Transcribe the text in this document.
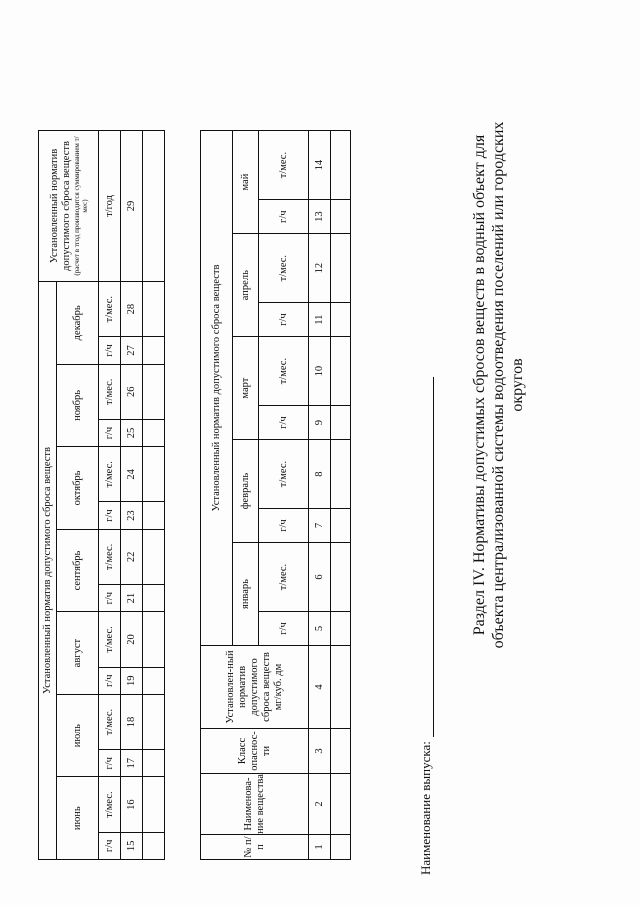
Раздел IV. Нормативы допустимых сбросов веществ в водный объект для объекта централизованной системы водоотведения поселений или городских округов
Наименование выпуска:
№ п/п	Наименова-ние вещества	Класс опаснос-ти	Установлен-ный норматив допустимого сброса веществ мг/куб. дм	Установленный норматив допустимого сброса веществ									
				январь		февраль		март		апрель		май	
				г/ч	т/мес.	г/ч	т/мес.	г/ч	т/мес.	г/ч	т/мес.	г/ч	т/мес.
1	2	3	4	5	6	7	8	9	10	11	12	13	14

Установленный норматив допустимого сброса веществ														Установленный норматив допустимого сброса веществ (расчет в тгод производится суммированием т/мес)

июнь		июль		август		сентябрь		октябрь		ноябрь		декабрь		
г/ч	т/мес.	г/ч	т/мес.	г/ч	т/мес.	г/ч	т/мес.	г/ч	т/мес.	г/ч	т/мес.	г/ч	т/мес.	т/год
15	16	17	18	19	20	21	22	23	24	25	26	27	28	29
